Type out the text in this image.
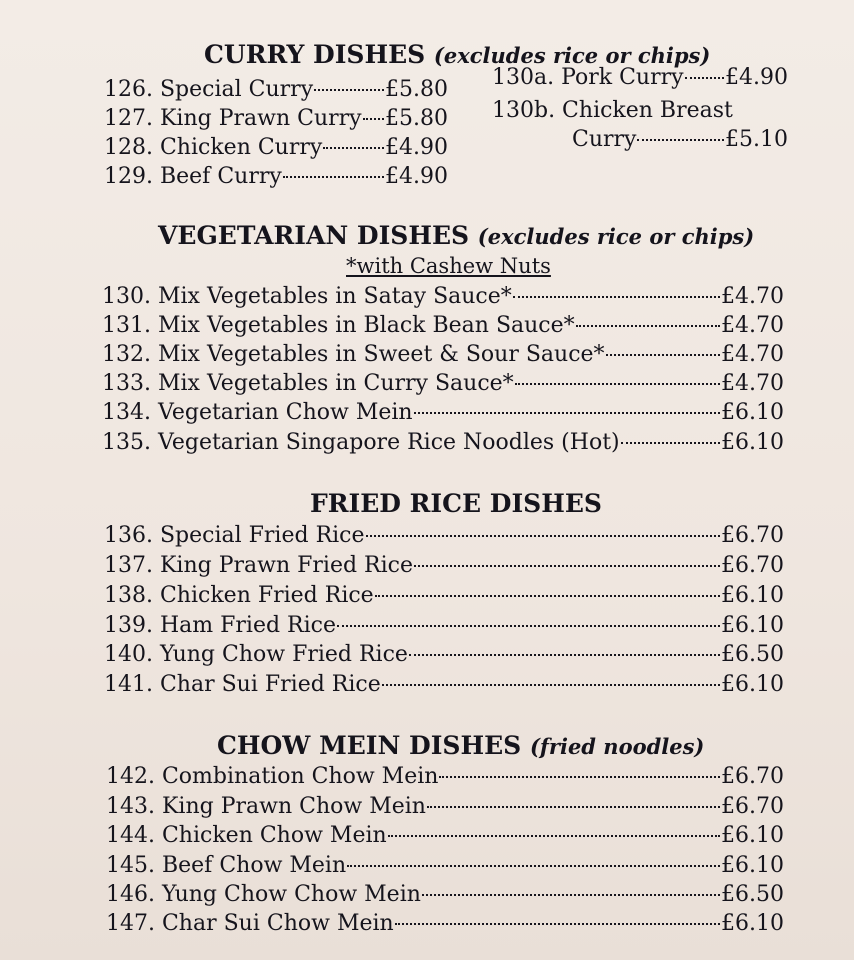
CURRY DISHES (excludes rice or chips)
126. Special Curry	£5.80
127. King Prawn Curry £5.80
128. Chicken Curry	£4.90
129. Beef Curry	£4.90
130a. Pork Curry £4.90
130b. Chicken Breast
Curry	£5.10
VEGETARIAN DISHES (excludes rice or chips)
*with Cashew Nuts
130. Mix Vegetables in Satay Sauce*	£4.70
131. Mix Vegetables in Black Bean Sauce*	£4.70
132. Mix Vegetables in Sweet & Sour Sauce*	£4.70
133. Mix Vegetables in Curry Sauce*	£4.70
134. Vegetarian Chow Mein	£6.10
135. Vegetarian Singapore Rice Noodles (Hot)	£6.10
FRIED RICE DISHES
136. Special Fried Rice	£6.70
137. King Prawn Fried Rice	£6.70
138. Chicken Fried Rice	£6.10
139. Ham Fried Rice	£6.10
140. Yung Chow Fried Rice	£6.50
141. Char Sui Fried Rice	£6.10
CHOW MEIN DISHES (fried noodles)
142. Combination Chow Mein	£6.70
143. King Prawn Chow Mein	£6.70
144. Chicken Chow Mein	£6.10
145. Beef Chow Mein	£6.10
146. Yung Chow Chow Mein	£6.50
147. Char Sui Chow Mein	£6.10
